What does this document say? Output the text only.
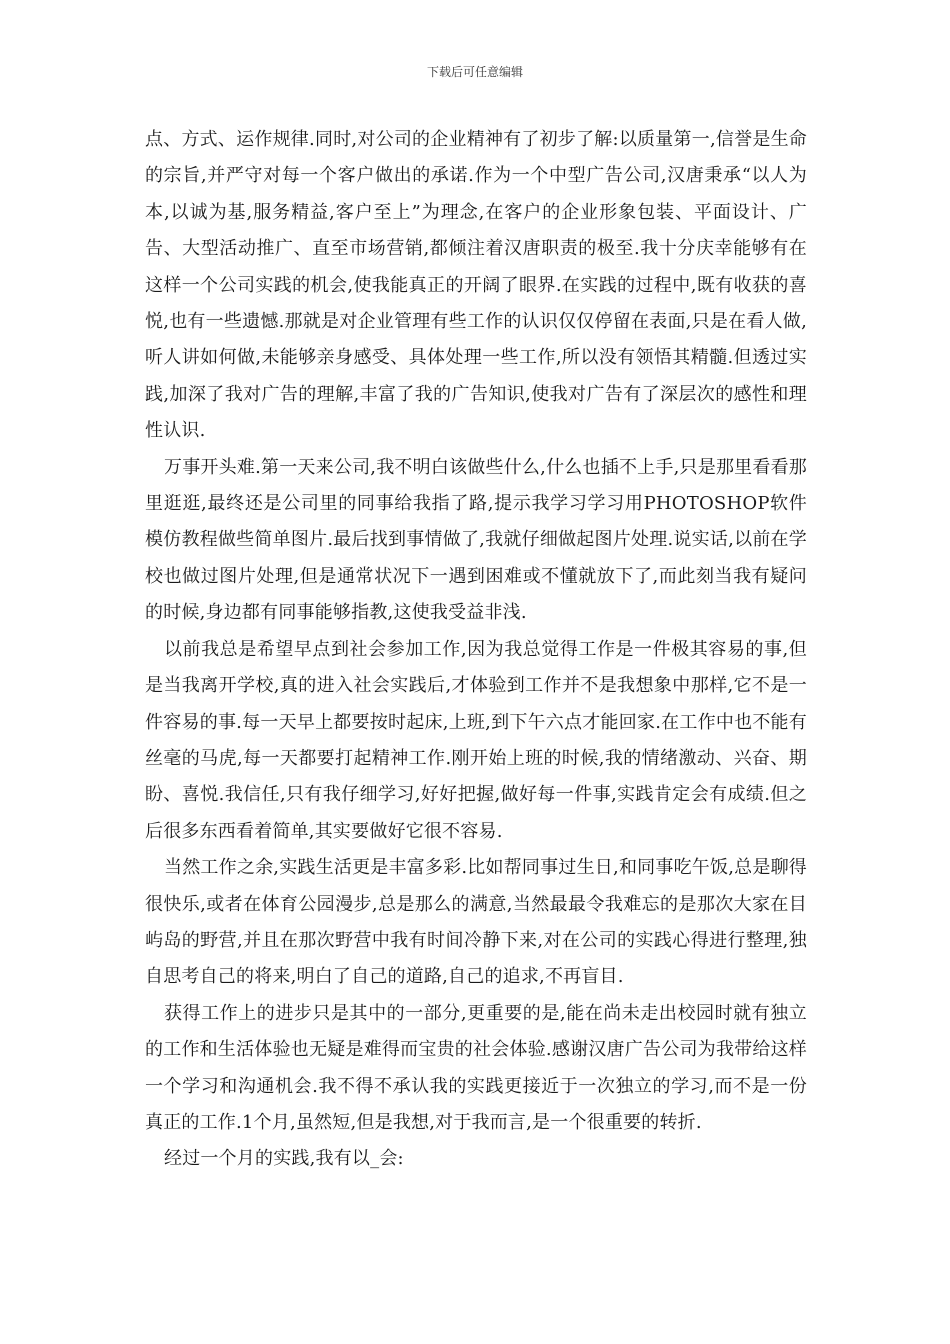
下载后可任意编辑

点、方式、运作规律.同时,对公司的企业精神有了初步了解:以质量第一,信誉是生命的宗旨,并严守对每一个客户做出的承诺.作为一个中型广告公司,汉唐秉承“以人为本,以诚为基,服务精益,客户至上”为理念,在客户的企业形象包装、平面设计、广告、大型活动推广、直至市场营销,都倾注着汉唐职责的极至.我十分庆幸能够有在这样一个公司实践的机会,使我能真正的开阔了眼界.在实践的过程中,既有收获的喜悦,也有一些遗憾.那就是对企业管理有些工作的认识仅仅停留在表面,只是在看人做,听人讲如何做,未能够亲身感受、具体处理一些工作,所以没有领悟其精髓.但透过实践,加深了我对广告的理解,丰富了我的广告知识,使我对广告有了深层次的感性和理性认识.

万事开头难.第一天来公司,我不明白该做些什么,什么也插不上手,只是那里看看那里逛逛,最终还是公司里的同事给我指了路,提示我学习学习用PHOTOSHOP软件模仿教程做些简单图片.最后找到事情做了,我就仔细做起图片处理.说实话,以前在学校也做过图片处理,但是通常状况下一遇到困难或不懂就放下了,而此刻当我有疑问的时候,身边都有同事能够指教,这使我受益非浅.

以前我总是希望早点到社会参加工作,因为我总觉得工作是一件极其容易的事,但是当我离开学校,真的进入社会实践后,才体验到工作并不是我想象中那样,它不是一件容易的事.每一天早上都要按时起床,上班,到下午六点才能回家.在工作中也不能有丝毫的马虎,每一天都要打起精神工作.刚开始上班的时候,我的情绪激动、兴奋、期盼、喜悦.我信任,只有我仔细学习,好好把握,做好每一件事,实践肯定会有成绩.但之后很多东西看着简单,其实要做好它很不容易.

当然工作之余,实践生活更是丰富多彩.比如帮同事过生日,和同事吃午饭,总是聊得很快乐,或者在体育公园漫步,总是那么的满意,当然最最令我难忘的是那次大家在目屿岛的野营,并且在那次野营中我有时间冷静下来,对在公司的实践心得进行整理,独自思考自己的将来,明白了自己的道路,自己的追求,不再盲目.

获得工作上的进步只是其中的一部分,更重要的是,能在尚未走出校园时就有独立的工作和生活体验也无疑是难得而宝贵的社会体验.感谢汉唐广告公司为我带给这样一个学习和沟通机会.我不得不承认我的实践更接近于一次独立的学习,而不是一份真正的工作.1个月,虽然短,但是我想,对于我而言,是一个很重要的转折.

经过一个月的实践,我有以_会:
